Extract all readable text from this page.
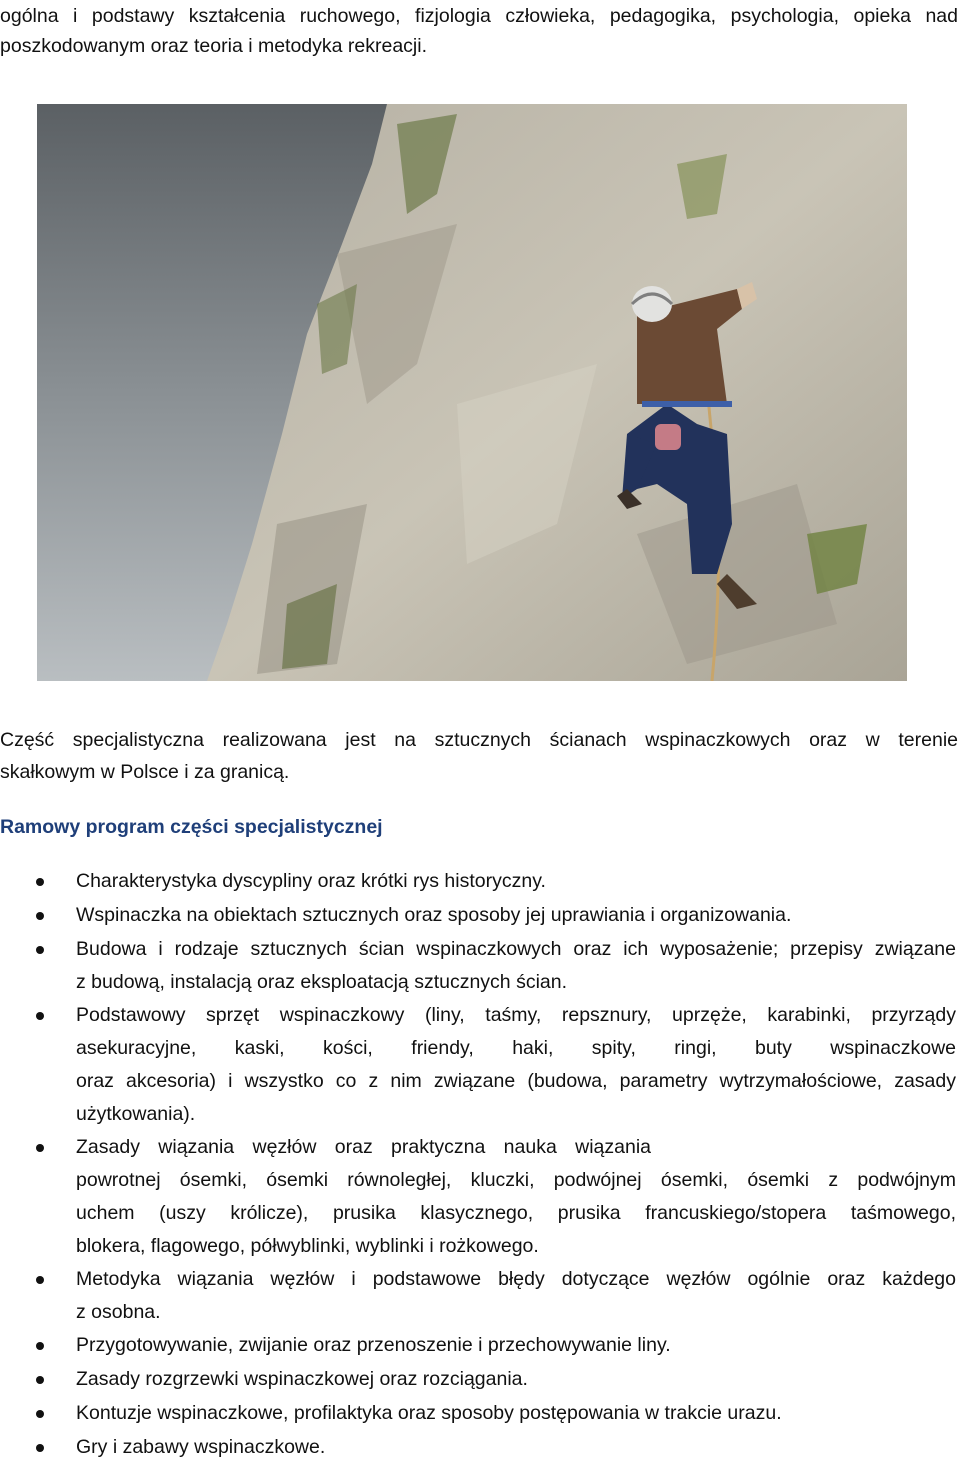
ogólna i podstawy kształcenia ruchowego, fizjologia człowieka, pedagogika, psychologia, opieka nad

poszkodowanym oraz teoria i metodyka rekreacji.

Część specjalistyczna realizowana jest na sztucznych ścianach wspinaczkowych oraz w terenie

skałkowym w Polsce i za granicą.

Ramowy program części specjalistycznej

Charakterystyka dyscypliny oraz krótki rys historyczny.

Wspinaczka na obiektach sztucznych oraz sposoby jej uprawiania i organizowania.

Budowa i rodzaje sztucznych ścian wspinaczkowych oraz ich wyposażenie; przepisy związane

z budową, instalacją oraz eksploatacją sztucznych ścian.

Podstawowy sprzęt wspinaczkowy (liny, taśmy, repsznury, uprzęże, karabinki, przyrządy

asekuracyjne, kaski, kości, friendy, haki, spity, ringi, buty wspinaczkowe

oraz akcesoria) i wszystko co z nim związane (budowa, parametry wytrzymałościowe, zasady

użytkowania).

Zasady wiązania węzłów oraz praktyczna nauka wiązania

powrotnej ósemki, ósemki równoległej, kluczki, podwójnej ósemki, ósemki z podwójnym

uchem (uszy królicze), prusika klasycznego, prusika francuskiego/stopera taśmowego,

blokera, flagowego, półwyblinki, wyblinki i rożkowego.

Metodyka wiązania węzłów i podstawowe błędy dotyczące węzłów ogólnie oraz każdego

z osobna.

Przygotowywanie, zwijanie oraz przenoszenie i przechowywanie liny.

Zasady rozgrzewki wspinaczkowej oraz rozciągania.

Kontuzje wspinaczkowe, profilaktyka oraz sposoby postępowania w trakcie urazu.

Gry i zabawy wspinaczkowe.
